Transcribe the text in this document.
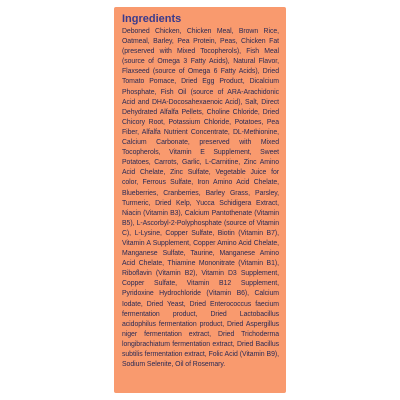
Ingredients

Deboned Chicken, Chicken Meal, Brown Rice, Oatmeal, Barley, Pea Protein, Peas, Chicken Fat (preserved with Mixed Tocopherols), Fish Meal (source of Omega 3 Fatty Acids), Natural Flavor, Flaxseed (source of Omega 6 Fatty Acids), Dried Tomato Pomace, Dried Egg Product, Dicalcium Phosphate, Fish Oil (source of ARA-Arachidonic Acid and DHA-Docosahexaenoic Acid), Salt, Direct Dehydrated Alfalfa Pellets, Choline Chloride, Dried Chicory Root, Potassium Chloride, Potatoes, Pea Fiber, Alfalfa Nutrient Concentrate, DL-Methionine, Calcium Carbonate, preserved with Mixed Tocopherols, Vitamin E Supplement, Sweet Potatoes, Carrots, Garlic, L-Carnitine, Zinc Amino Acid Chelate, Zinc Sulfate, Vegetable Juice for color, Ferrous Sulfate, Iron Amino Acid Chelate, Blueberries, Cranberries, Barley Grass, Parsley, Turmeric, Dried Kelp, Yucca Schidigera Extract, Niacin (Vitamin B3), Calcium Pantothenate (Vitamin B5), L-Ascorbyl-2-Polyphosphate (source of Vitamin C), L-Lysine, Copper Sulfate, Biotin (Vitamin B7), Vitamin A Supplement, Copper Amino Acid Chelate, Manganese Sulfate, Taurine, Manganese Amino Acid Chelate, Thiamine Mononitrate (Vitamin B1), Riboflavin (Vitamin B2), Vitamin D3 Supplement, Copper Sulfate, Vitamin B12 Supplement, Pyridoxine Hydrochloride (Vitamin B6), Calcium Iodate, Dried Yeast, Dried Enterococcus faecium fermentation product, Dried Lactobacillus acidophilus fermentation product, Dried Aspergillus niger fermentation extract, Dried Trichoderma longibrachiatum fermentation extract, Dried Bacillus subtilis fermentation extract, Folic Acid (Vitamin B9), Sodium Selenite, Oil of Rosemary.
